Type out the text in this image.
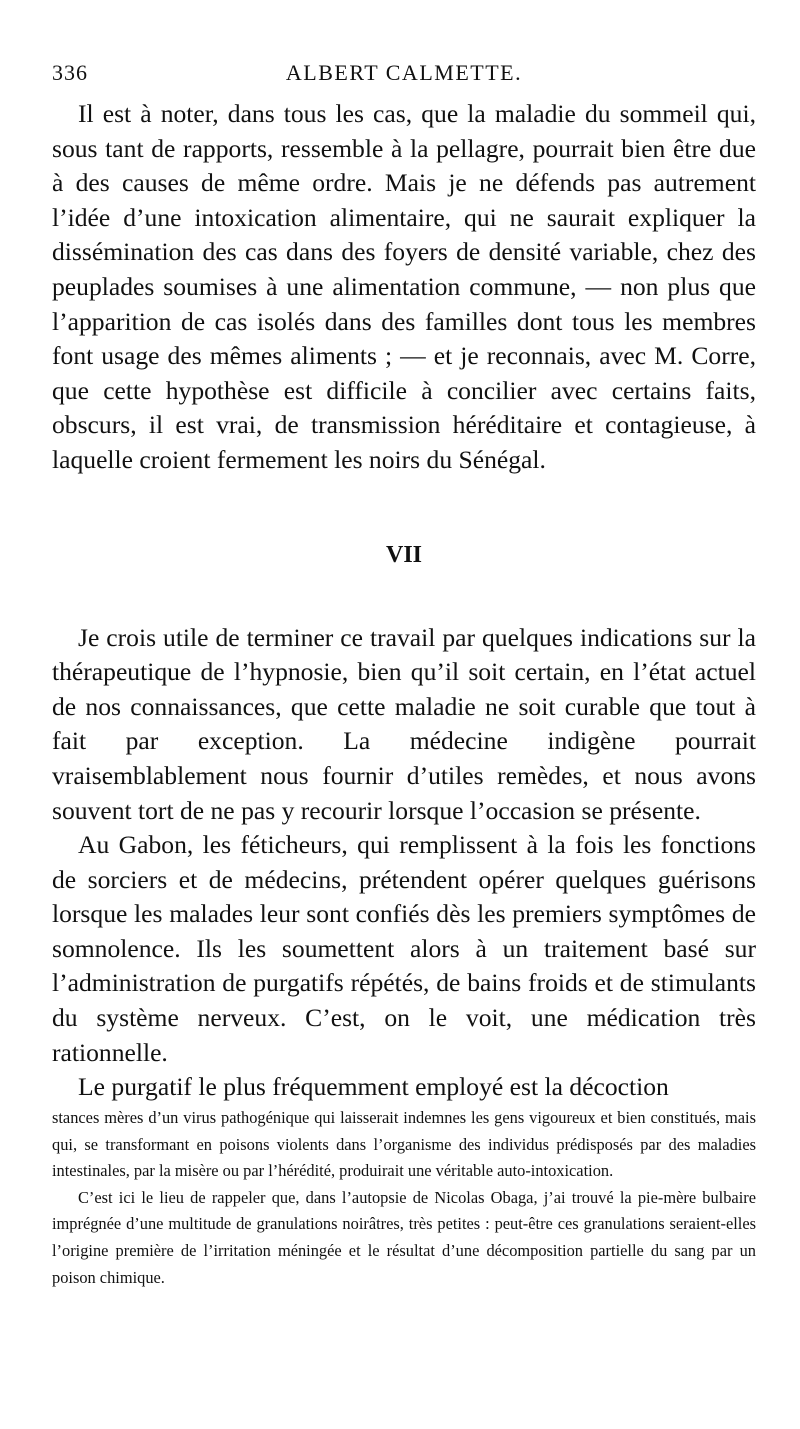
336	ALBERT CALMETTE.

Il est à noter, dans tous les cas, que la maladie du sommeil qui, sous tant de rapports, ressemble à la pellagre, pourrait bien être due à des causes de même ordre. Mais je ne défends pas autrement l’idée d’une intoxication alimentaire, qui ne saurait expliquer la dissémination des cas dans des foyers de densité variable, chez des peuplades soumises à une alimentation commune, — non plus que l’apparition de cas isolés dans des familles dont tous les membres font usage des mêmes aliments ; — et je reconnais, avec M. Corre, que cette hypothèse est difficile à concilier avec certains faits, obscurs, il est vrai, de transmission héréditaire et contagieuse, à laquelle croient fermement les noirs du Sénégal.

VII

Je crois utile de terminer ce travail par quelques indications sur la thérapeutique de l’hypnosie, bien qu’il soit certain, en l’état actuel de nos connaissances, que cette maladie ne soit curable que tout à fait par exception. La médecine indigène pourrait vraisemblablement nous fournir d’utiles remèdes, et nous avons souvent tort de ne pas y recourir lorsque l’occasion se présente.

Au Gabon, les féticheurs, qui remplissent à la fois les fonctions de sorciers et de médecins, prétendent opérer quelques guérisons lorsque les malades leur sont confiés dès les premiers symptômes de somnolence. Ils les soumettent alors à un traitement basé sur l’administration de purgatifs répétés, de bains froids et de stimulants du système nerveux. C’est, on le voit, une médication très rationnelle.

Le purgatif le plus fréquemment employé est la décoction

stances mères d’un virus pathogénique qui laisserait indemnes les gens vigoureux et bien constitués, mais qui, se transformant en poisons violents dans l’organisme des individus prédisposés par des maladies intestinales, par la misère ou par l’hérédité, produirait une véritable auto-intoxication.

C’est ici le lieu de rappeler que, dans l’autopsie de Nicolas Obaga, j’ai trouvé la pie-mère bulbaire imprégnée d’une multitude de granulations noirâtres, très petites : peut-être ces granulations seraient-elles l’origine première de l’irritation méningée et le résultat d’une décomposition partielle du sang par un poison chimique.
